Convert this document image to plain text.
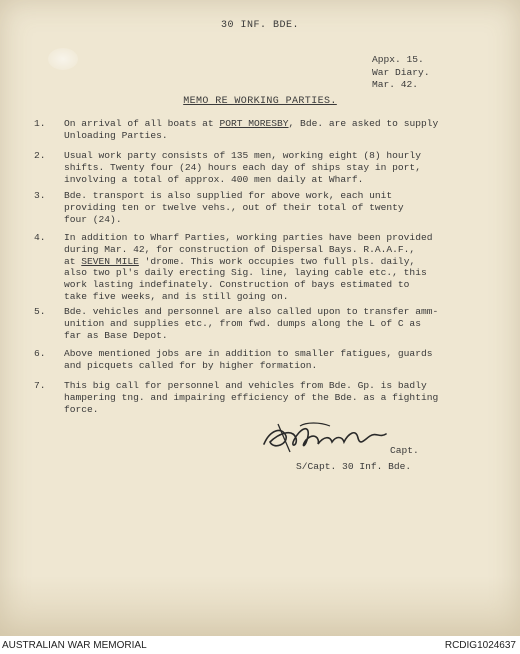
30 INF. BDE.
Appx. 15.
War Diary.
Mar. 42.
MEMO RE WORKING PARTIES.
1.	On arrival of all boats at PORT MORESBY, Bde. are asked to supply
Unloading Parties.
2.	Usual work party consists of 135 men, working eight (8) hourly
shifts. Twenty four (24) hours each day of ships stay in port,
involving a total of approx. 400 men daily at Wharf.
3.	Bde. transport is also supplied for above work, each unit
providing ten or twelve vehs., out of their total of twenty
four (24).
4.	In addition to Wharf Parties, working parties have been provided
during Mar. 42, for construction of Dispersal Bays. R.A.A.F.,
at SEVEN MILE 'drome. This work occupies two full pls. daily,
also two pl's daily erecting Sig. line, laying cable etc., this
work lasting indefinately. Construction of bays estimated to
take five weeks, and is still going on.
5.	Bde. vehicles and personnel are also called upon to transfer amm-
unition and supplies etc., from fwd. dumps along the L of C as
far as Base Depot.
6.	Above mentioned jobs are in addition to smaller fatigues, guards
and picquets called for by higher formation.
7.	This big call for personnel and vehicles from Bde. Gp. is badly
hampering tng. and impairing efficiency of the Bde. as a fighting
force.
Capt.
S/Capt. 30 Inf. Bde.
AUSTRALIAN WAR MEMORIAL	RCDIG1024637
